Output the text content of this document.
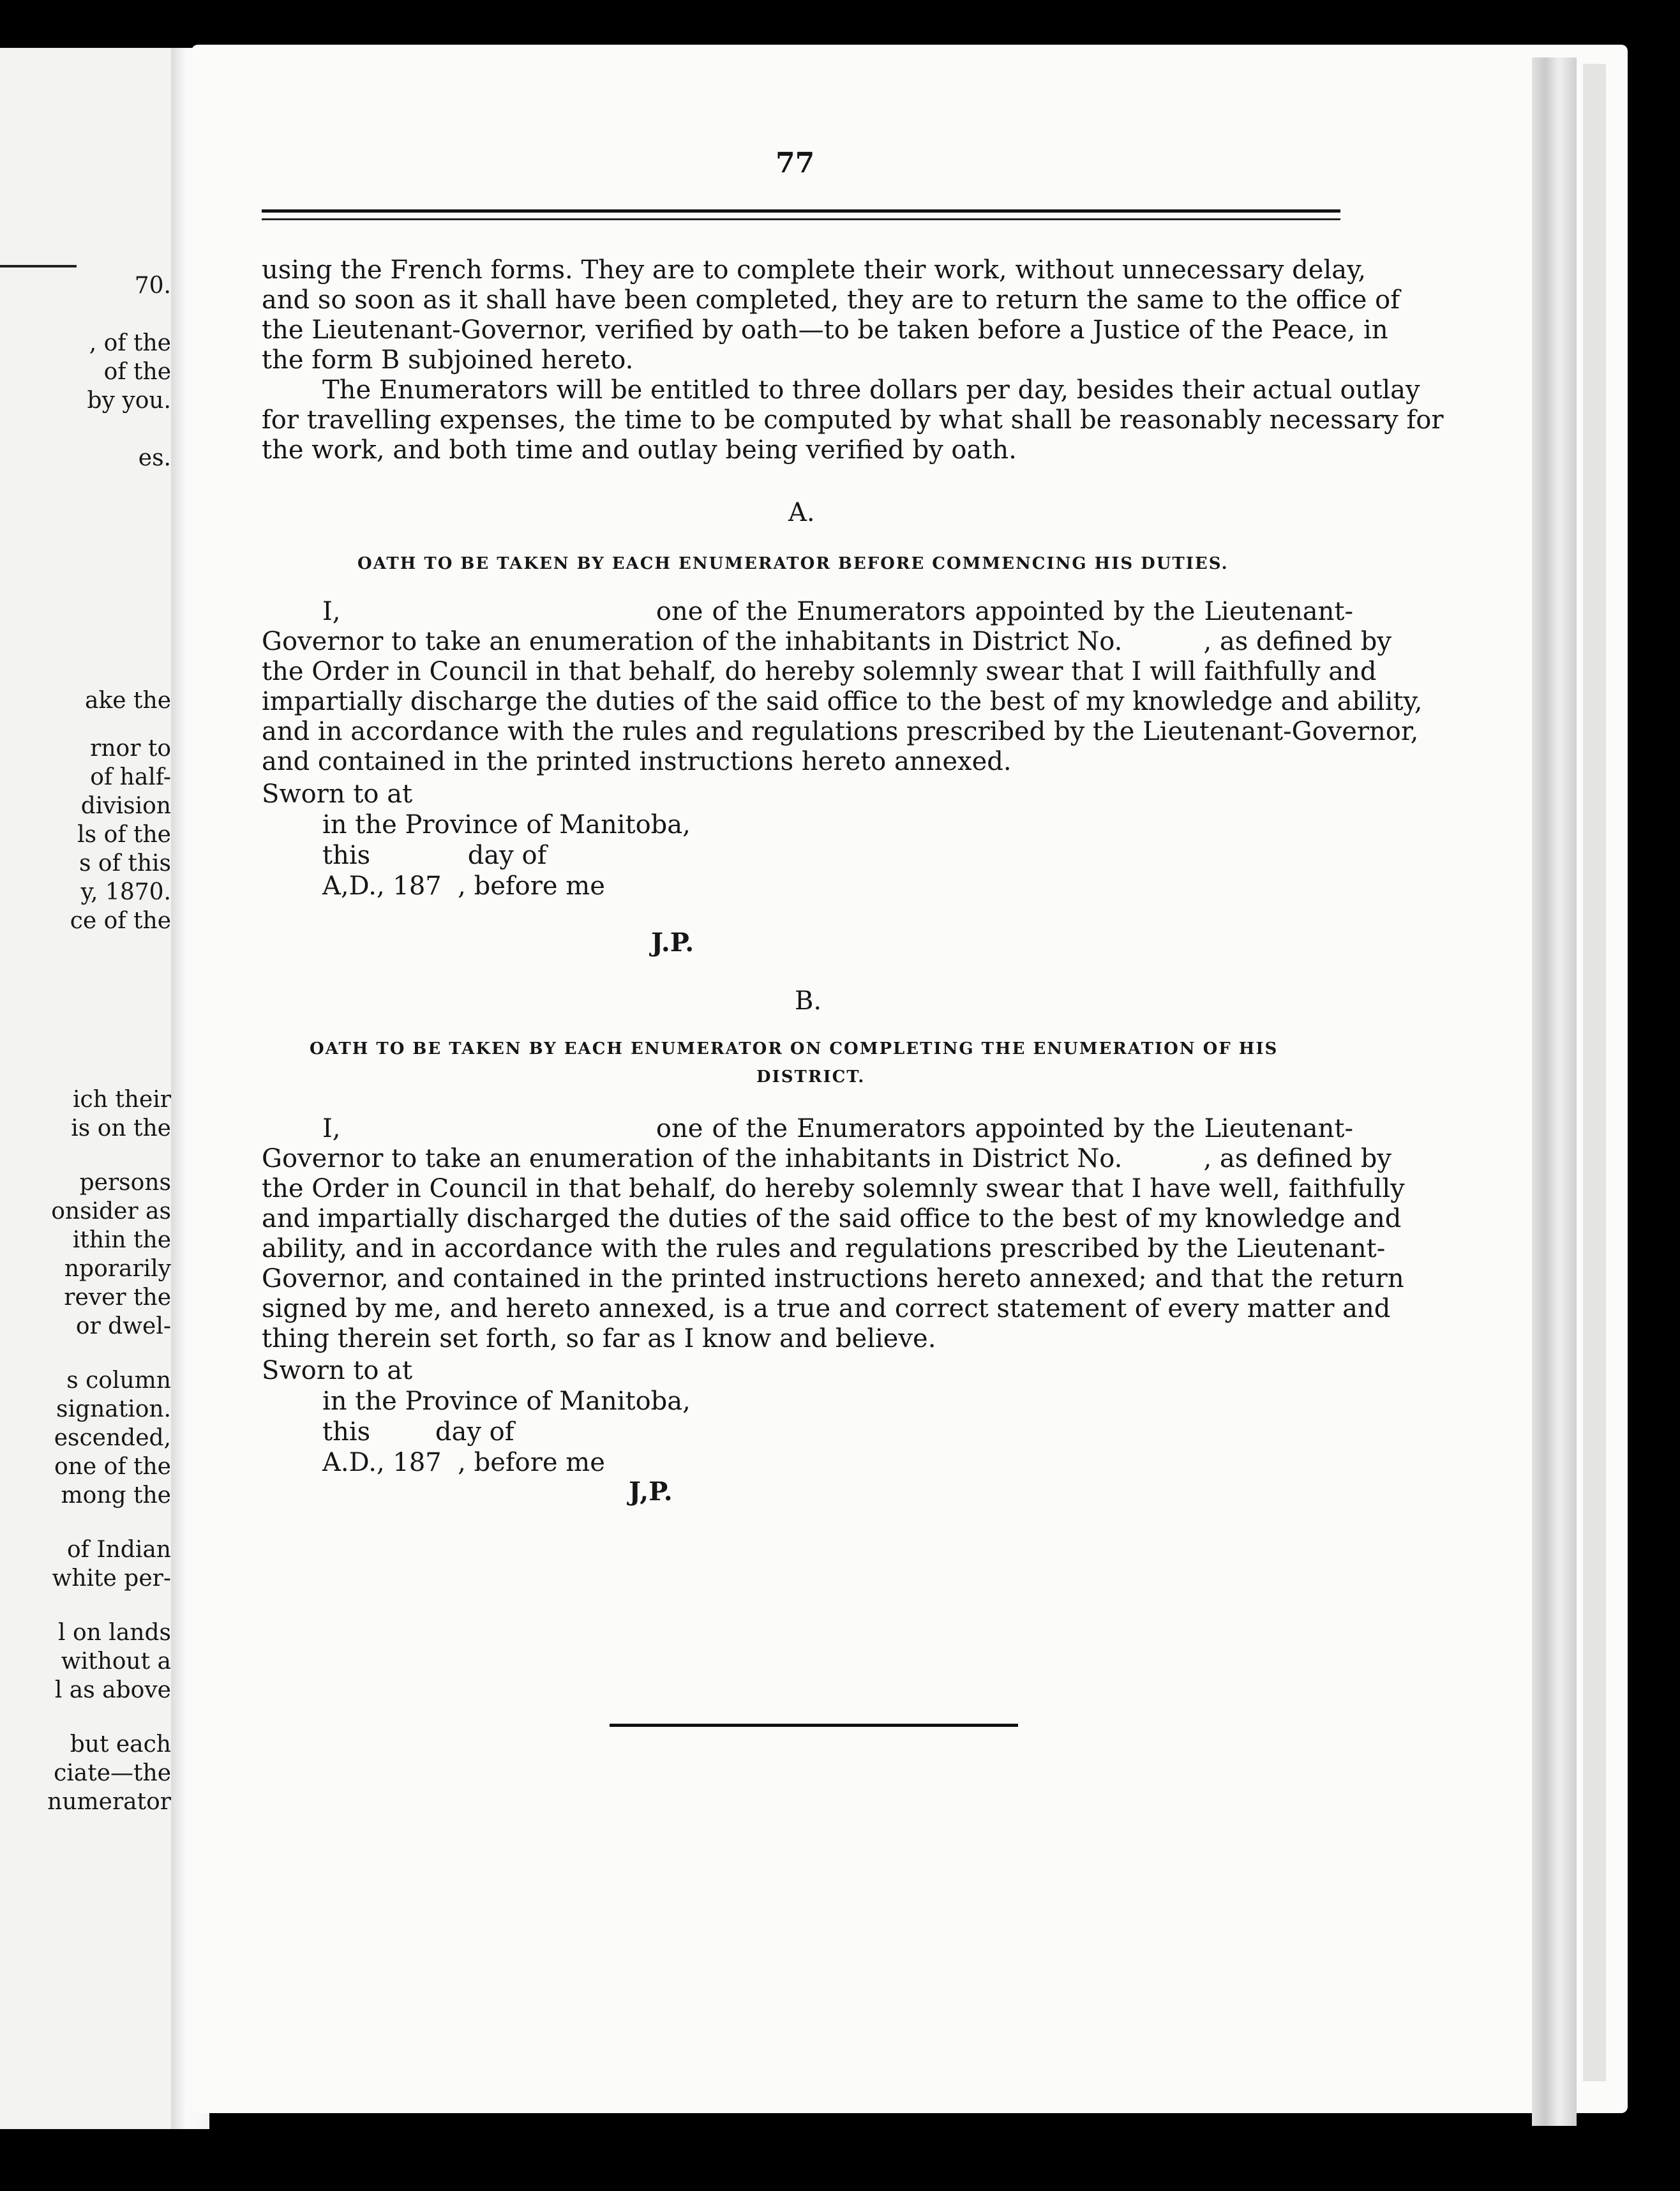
70.
, of the
of the
by you.
es.
ake the
rnor to
of half-
division
ls of the
s of this
y, 1870.
ce of the
ich their
is on the
persons
onsider as
ithin the
nporarily
rever the
or dwel-
s column
signation.
escended,
one of the
mong the
of Indian
white per-
l on lands
without a
l as above
but each
ciate—the
numerator
77
using the French forms. They are to complete their work, without unnecessary delay,
and so soon as it shall have been completed, they are to return the same to the office of
the Lieutenant-Governor, verified by oath—to be taken before a Justice of the Peace, in
the form B subjoined hereto.
The Enumerators will be entitled to three dollars per day, besides their actual outlay
for travelling expenses, the time to be computed by what shall be reasonably necessary for
the work, and both time and outlay being verified by oath.
A.
OATH TO BE TAKEN BY EACH ENUMERATOR BEFORE COMMENCING HIS DUTIES.
I,                                   one of the Enumerators appointed by the Lieutenant-
Governor to take an enumeration of the inhabitants in District No.          , as defined by
the Order in Council in that behalf, do hereby solemnly swear that I will faithfully and
impartially discharge the duties of the said office to the best of my knowledge and ability,
and in accordance with the rules and regulations prescribed by the Lieutenant-Governor,
and contained in the printed instructions hereto annexed.
Sworn to at
in the Province of Manitoba,
this            day of
A,D., 187  , before me
J.P.
B.
OATH TO BE TAKEN BY EACH ENUMERATOR ON COMPLETING THE ENUMERATION OF HIS
DISTRICT.
I,                                   one of the Enumerators appointed by the Lieutenant-
Governor to take an enumeration of the inhabitants in District No.          , as defined by
the Order in Council in that behalf, do hereby solemnly swear that I have well, faithfully
and impartially discharged the duties of the said office to the best of my knowledge and
ability, and in accordance with the rules and regulations prescribed by the Lieutenant-
Governor, and contained in the printed instructions hereto annexed; and that the return
signed by me, and hereto annexed, is a true and correct statement of every matter and
thing therein set forth, so far as I know and believe.
Sworn to at
in the Province of Manitoba,
this        day of
A.D., 187  , before me
J,P.
